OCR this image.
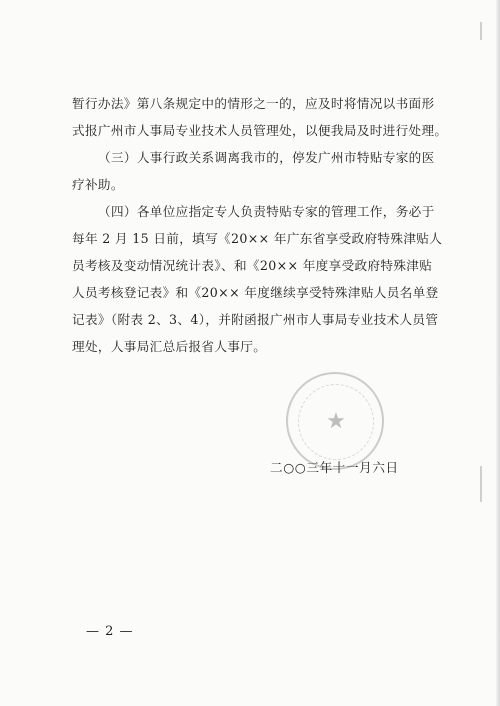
暂行办法》第八条规定中的情形之一的，应及时将情况以书面形
式报广州市人事局专业技术人员管理处，以便我局及时进行处理。
（三）人事行政关系调离我市的，停发广州市特贴专家的医
疗补助。
（四）各单位应指定专人负责特贴专家的管理工作，务必于
每年 2 月 15 日前，填写《20×× 年广东省享受政府特殊津贴人
员考核及变动情况统计表》、和《20×× 年度享受政府特殊津贴
人员考核登记表》和《20×× 年度继续享受特殊津贴人员名单登
记表》（附表 2、3、4），并附函报广州市人事局专业技术人员管
理处，人事局汇总后报省人事厅。
★
二○○三年十一月六日
— 2 —
